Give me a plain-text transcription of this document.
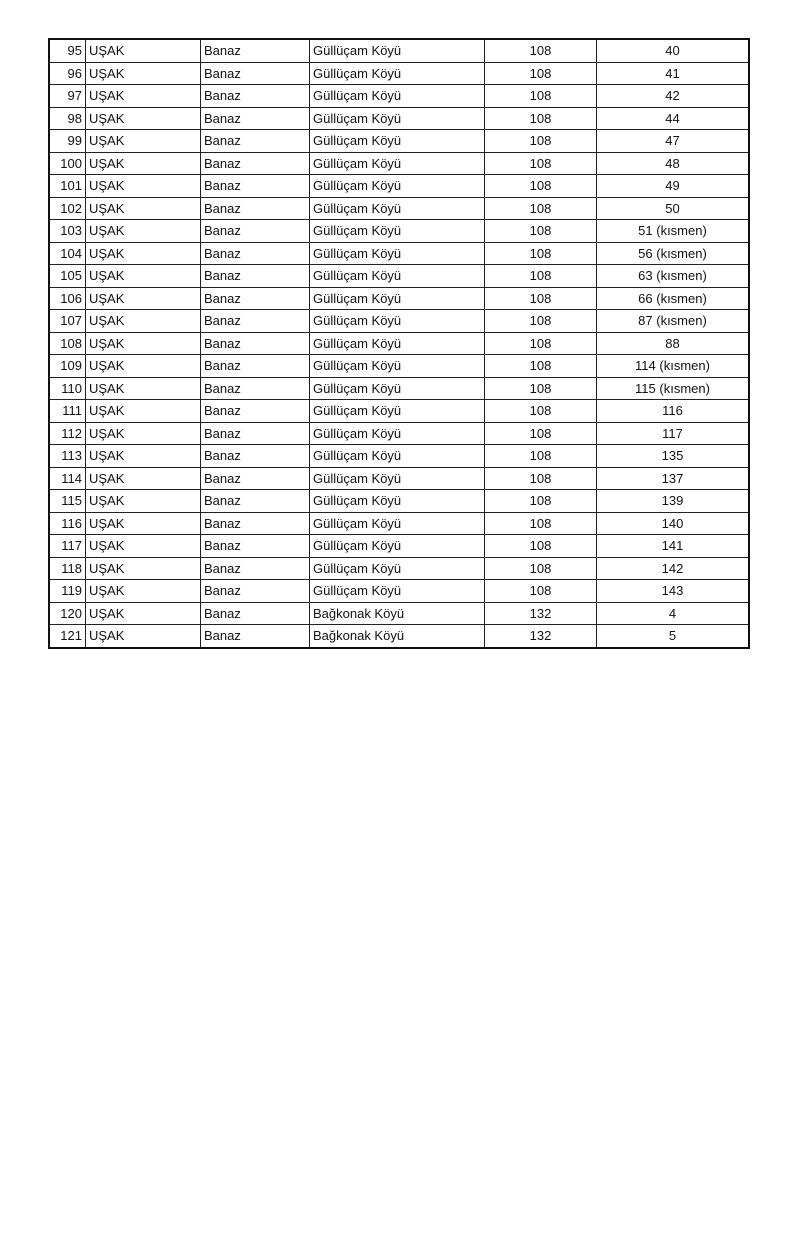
95	UŞAK	Banaz	Güllüçam Köyü	108	40
96	UŞAK	Banaz	Güllüçam Köyü	108	41
97	UŞAK	Banaz	Güllüçam Köyü	108	42
98	UŞAK	Banaz	Güllüçam Köyü	108	44
99	UŞAK	Banaz	Güllüçam Köyü	108	47
100	UŞAK	Banaz	Güllüçam Köyü	108	48
101	UŞAK	Banaz	Güllüçam Köyü	108	49
102	UŞAK	Banaz	Güllüçam Köyü	108	50
103	UŞAK	Banaz	Güllüçam Köyü	108	51 (kısmen)
104	UŞAK	Banaz	Güllüçam Köyü	108	56 (kısmen)
105	UŞAK	Banaz	Güllüçam Köyü	108	63 (kısmen)
106	UŞAK	Banaz	Güllüçam Köyü	108	66 (kısmen)
107	UŞAK	Banaz	Güllüçam Köyü	108	87 (kısmen)
108	UŞAK	Banaz	Güllüçam Köyü	108	88
109	UŞAK	Banaz	Güllüçam Köyü	108	114 (kısmen)
110	UŞAK	Banaz	Güllüçam Köyü	108	115 (kısmen)
111	UŞAK	Banaz	Güllüçam Köyü	108	116
112	UŞAK	Banaz	Güllüçam Köyü	108	117
113	UŞAK	Banaz	Güllüçam Köyü	108	135
114	UŞAK	Banaz	Güllüçam Köyü	108	137
115	UŞAK	Banaz	Güllüçam Köyü	108	139
116	UŞAK	Banaz	Güllüçam Köyü	108	140
117	UŞAK	Banaz	Güllüçam Köyü	108	141
118	UŞAK	Banaz	Güllüçam Köyü	108	142
119	UŞAK	Banaz	Güllüçam Köyü	108	143
120	UŞAK	Banaz	Bağkonak Köyü	132	4
121	UŞAK	Banaz	Bağkonak Köyü	132	5
